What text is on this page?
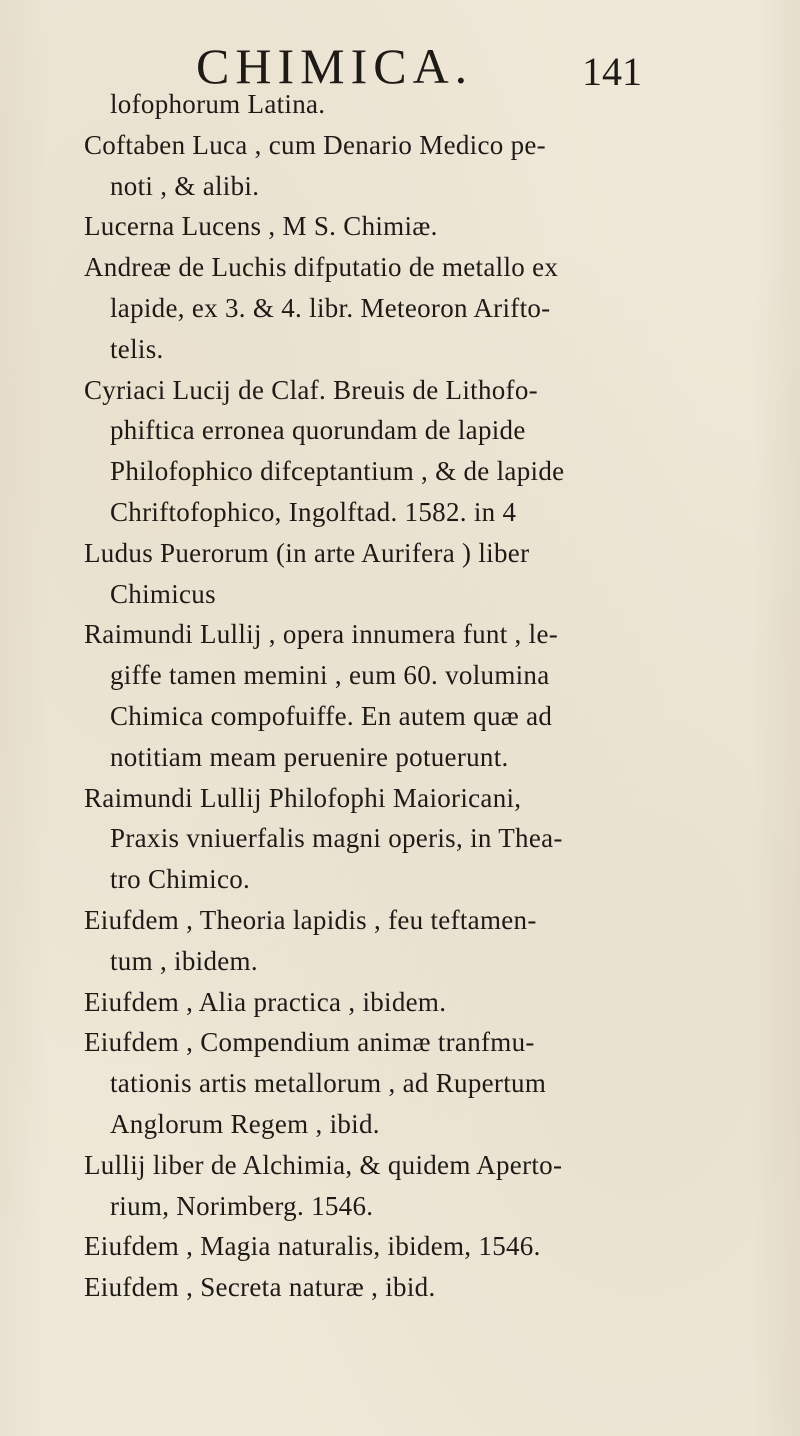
CHIMICA.	141
lofophorum Latina.
Coftaben Luca , cum Denario Medico pe-
noti , & alibi.
Lucerna Lucens , M S. Chimiæ.
Andreæ de Luchis difputatio de metallo ex
lapide, ex 3. & 4. libr. Meteoron Arifto-
telis.
Cyriaci Lucij de Claf. Breuis de Lithofo-
phiftica erronea quorundam de lapide
Philofophico difceptantium , & de lapide
Chriftofophico, Ingolftad. 1582. in 4
Ludus Puerorum (in arte Aurifera ) liber
Chimicus
Raimundi Lullij , opera innumera funt , le-
giffe tamen memini , eum 60. volumina
Chimica compofuiffe. En autem quæ ad
notitiam meam peruenire potuerunt.
Raimundi Lullij Philofophi Maioricani,
Praxis vniuerfalis magni operis, in Thea-
tro Chimico.
Eiufdem , Theoria lapidis , feu teftamen-
tum , ibidem.
Eiufdem , Alia practica , ibidem.
Eiufdem , Compendium animæ tranfmu-
tationis artis metallorum , ad Rupertum
Anglorum Regem , ibid.
Lullij liber de Alchimia, & quidem Aperto-
rium, Norimberg. 1546.
Eiufdem , Magia naturalis, ibidem, 1546.
Eiufdem , Secreta naturæ , ibid.
